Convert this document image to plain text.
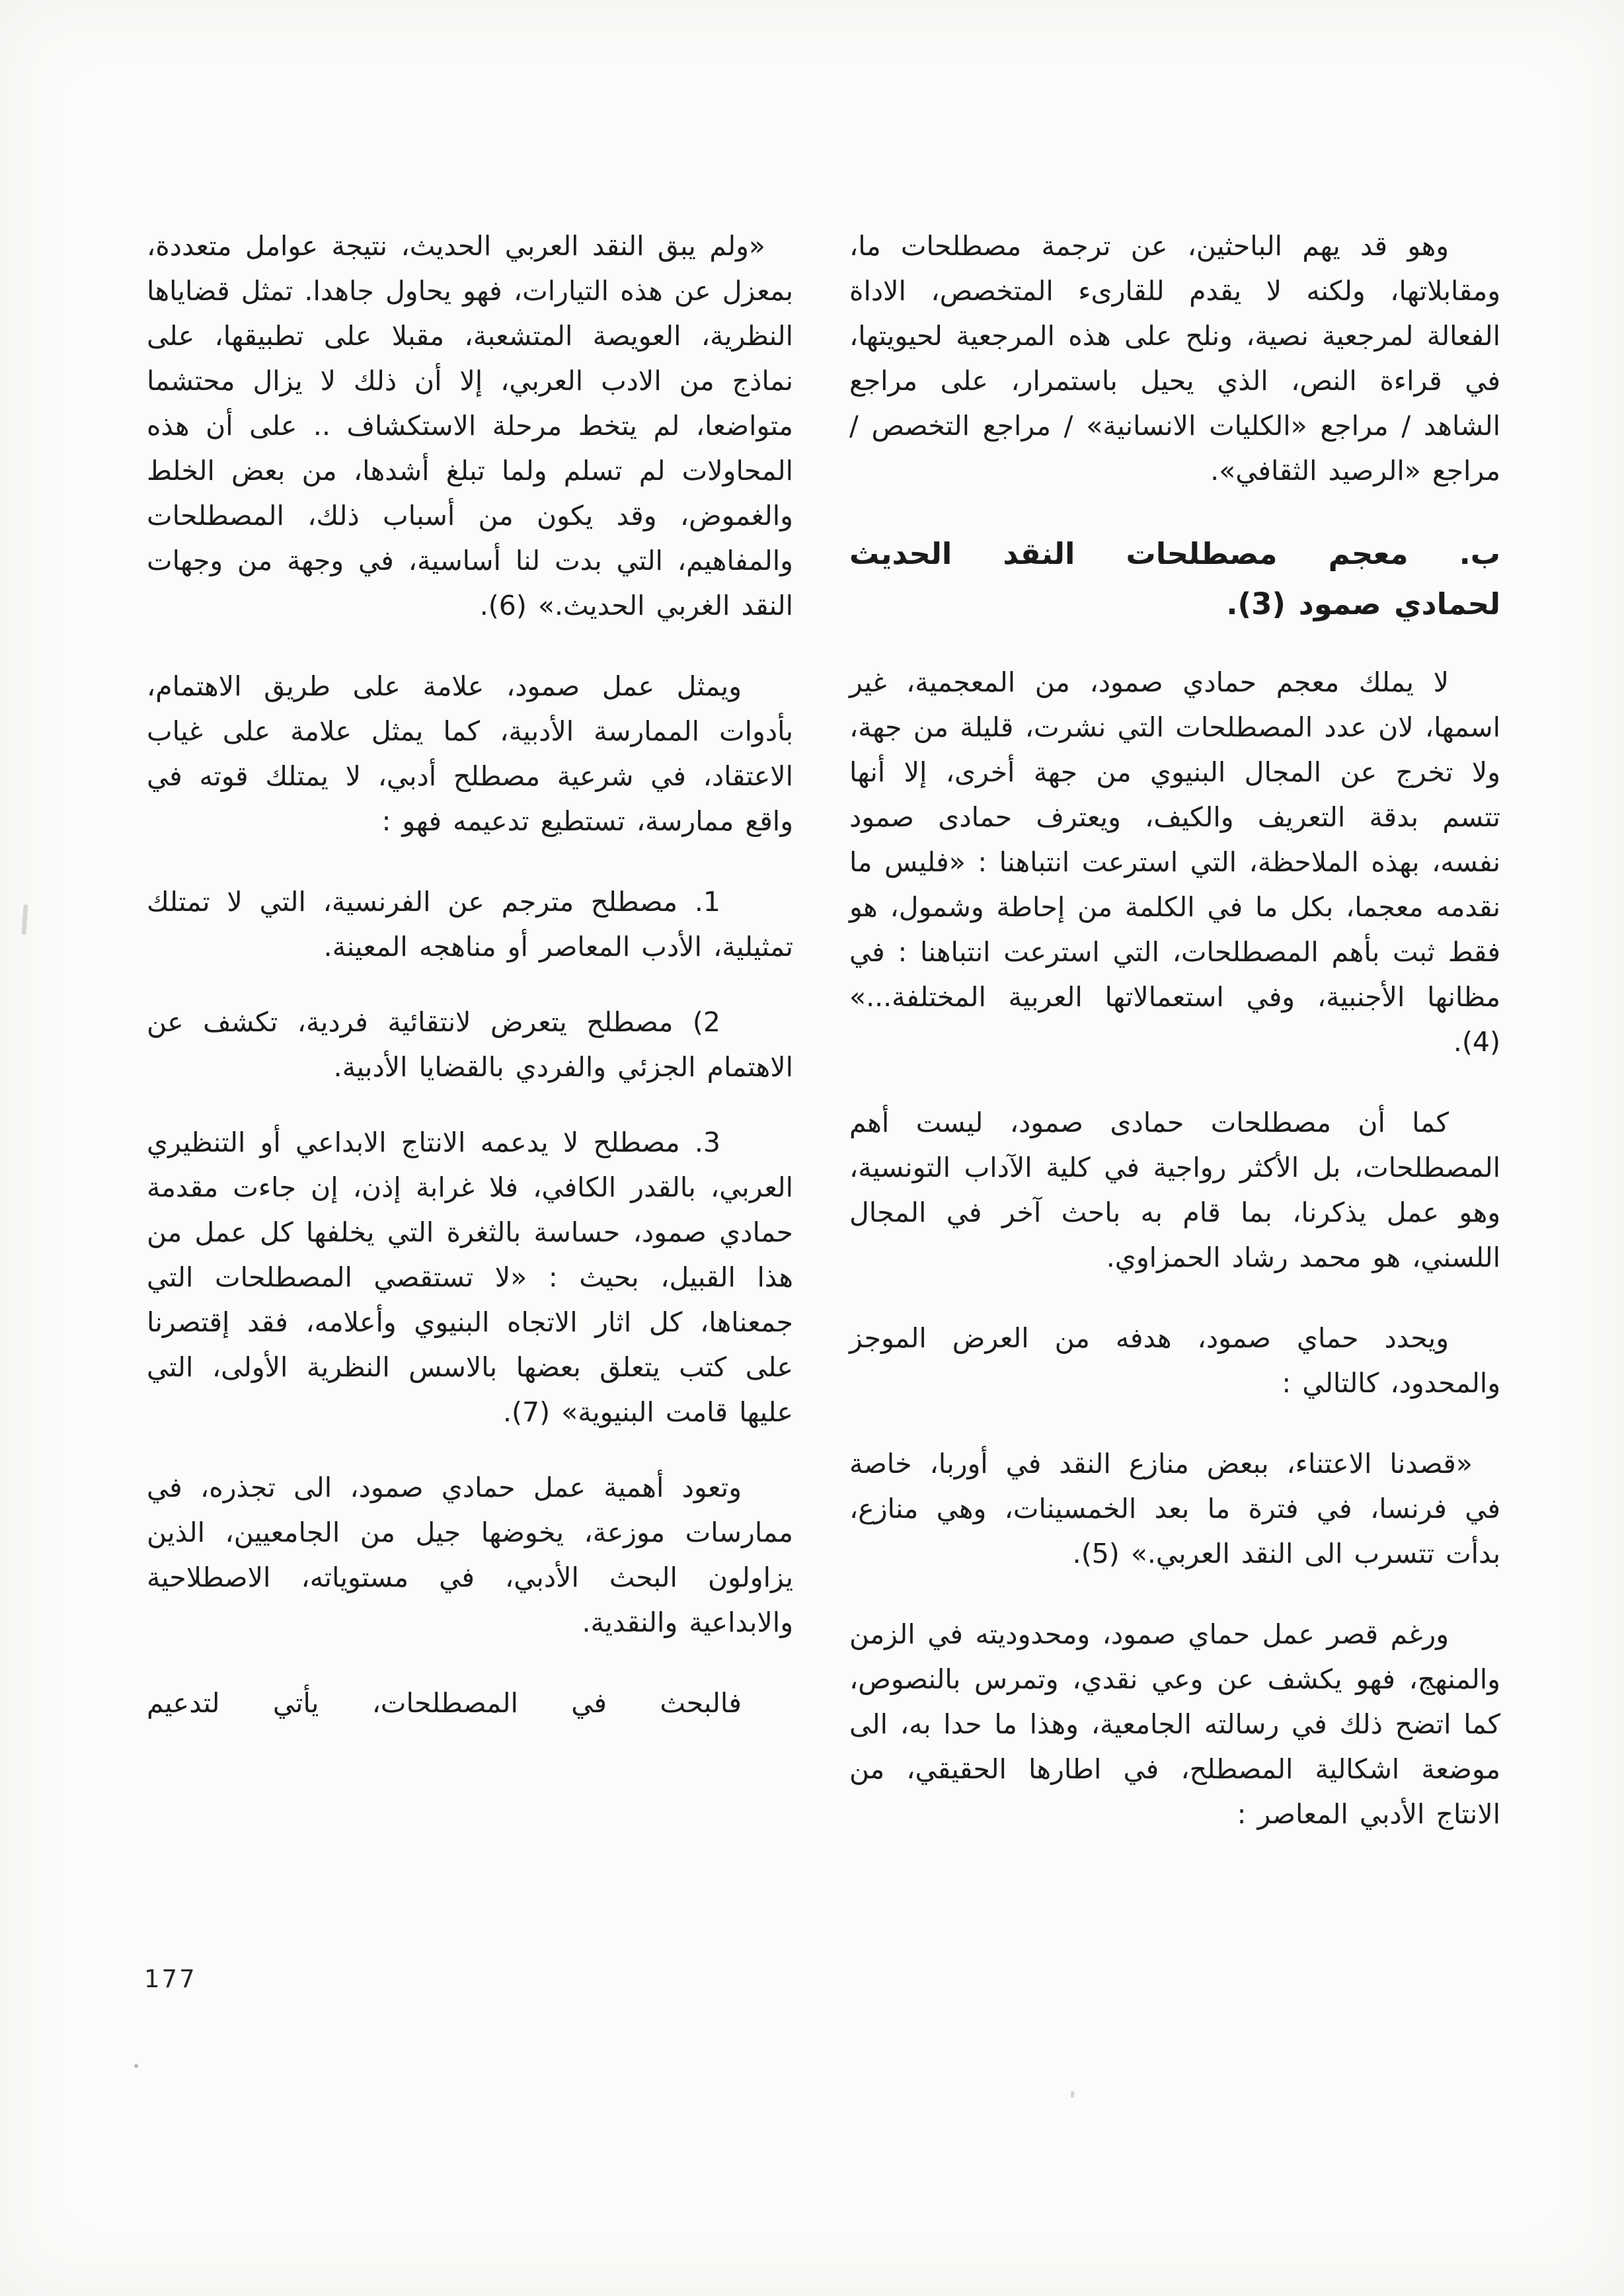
وهو قد يهم الباحثين، عن ترجمة مصطلحات ما، ومقابلاتها، ولكنه لا يقدم للقارىء المتخصص، الاداة الفعالة لمرجعية نصية، ونلح على هذه المرجعية لحيويتها، في قراءة النص، الذي يحيل باستمرار، على مراجع الشاهد / مراجع «الكليات الانسانية» / مراجع التخصص / مراجع «الرصيد الثقافي».

ب. معجم مصطلحات النقد الحديث
لحمادي صمود (3).

لا يملك معجم حمادي صمود، من المعجمية، غير اسمها، لان عدد المصطلحات التي نشرت، قليلة من جهة، ولا تخرج عن المجال البنيوي من جهة أخرى، إلا أنها تتسم بدقة التعريف والكيف، ويعترف حمادى صمود نفسه، بهذه الملاحظة، التي استرعت انتباهنا : «فليس ما نقدمه معجما، بكل ما في الكلمة من إحاطة وشمول، هو فقط ثبت بأهم المصطلحات، التي استرعت انتباهنا : في مظانها الأجنبية، وفي استعمالاتها العربية المختلفة...» (4).

كما أن مصطلحات حمادى صمود، ليست أهم المصطلحات، بل الأكثر رواجية في كلية الآداب التونسية، وهو عمل يذكرنا، بما قام به باحث آخر في المجال اللسني، هو محمد رشاد الحمزاوي.

ويحدد حماي صمود، هدفه من العرض الموجز والمحدود، كالتالي :

«قصدنا الاعتناء، ببعض منازع النقد في أوربا، خاصة في فرنسا، في فترة ما بعد الخمسينات، وهي منازع، بدأت تتسرب الى النقد العربي.» (5).

ورغم قصر عمل حماي صمود، ومحدوديته في الزمن والمنهج، فهو يكشف عن وعي نقدي، وتمرس بالنصوص، كما اتضح ذلك في رسالته الجامعية، وهذا ما حدا به، الى موضعة اشكالية المصطلح، في اطارها الحقيقي، من الانتاج الأدبي المعاصر :

«ولم يبق النقد العربي الحديث، نتيجة عوامل متعددة، بمعزل عن هذه التيارات، فهو يحاول جاهدا. تمثل قضاياها النظرية، العويصة المتشعبة، مقبلا على تطبيقها، على نماذج من الادب العربي، إلا أن ذلك لا يزال محتشما متواضعا، لم يتخط مرحلة الاستكشاف .. على أن هذه المحاولات لم تسلم ولما تبلغ أشدها، من بعض الخلط والغموض، وقد يكون من أسباب ذلك، المصطلحات والمفاهيم، التي بدت لنا أساسية، في وجهة من وجهات النقد الغربي الحديث.» (6).

ويمثل عمل صمود، علامة على طريق الاهتمام، بأدوات الممارسة الأدبية، كما يمثل علامة على غياب الاعتقاد، في شرعية مصطلح أدبي، لا يمتلك قوته في واقع ممارسة، تستطيع تدعيمه فهو :

1. مصطلح مترجم عن الفرنسية، التي لا تمتلك تمثيلية، الأدب المعاصر أو مناهجه المعينة.

2) مصطلح يتعرض لانتقائية فردية، تكشف عن الاهتمام الجزئي والفردي بالقضايا الأدبية.

3. مصطلح لا يدعمه الانتاج الابداعي أو التنظيري العربي، بالقدر الكافي، فلا غرابة إذن، إن جاءت مقدمة حمادي صمود، حساسة بالثغرة التي يخلفها كل عمل من هذا القبيل، بحيث : «لا تستقصي المصطلحات التي جمعناها، كل اثار الاتجاه البنيوي وأعلامه، فقد إقتصرنا على كتب يتعلق بعضها بالاسس النظرية الأولى، التي عليها قامت البنيوية» (7).

وتعود أهمية عمل حمادي صمود، الى تجذره، في ممارسات موزعة، يخوضها جيل من الجامعيين، الذين يزاولون البحث الأدبي، في مستوياته، الاصطلاحية والابداعية والنقدية.

فالبحث في المصطلحات، يأتي لتدعيم

177
